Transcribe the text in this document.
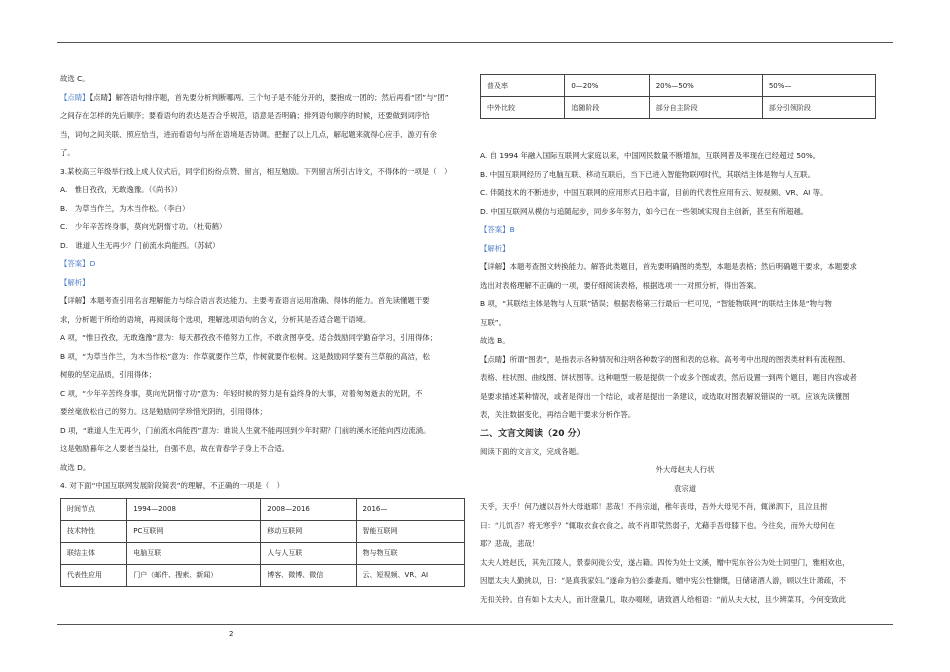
故选 C。

【点睛】【点睛】解答语句排序题，首先要分析判断哪两、三个句子是不能分开的，要抱成一团的；然后再看“团”与“团”

之间存在怎样的先后顺序；要看语句的表达是否合乎规范，语意是否明确；排列语句顺序的时候，还要做到词序恰

当，词句之间关联、照应恰当，进而看语句与所在语境是否协调。把握了以上几点，解起题来就得心应手、游刃有余

了。

3.某校高三年级举行线上成人仪式后，同学们纷纷点赞、留言，相互勉励。下列留言所引古诗文，不得体的一项是（　）

A.　惟日孜孜，无敢逸豫。（《尚书》）

B.　为草当作兰，为木当作松。（李白）

C.　少年辛苦终身事，莫向光阴惰寸功。（杜荀鹤）

D.　谁道人生无再少？门前流水尚能西。（苏轼）

【答案】D

【解析】

【详解】本题考查引用名言理解能力与综合语言表达能力。主要考查语言运用准确、得体的能力。首先读懂题干要

求，分析题干所给的语境，再阅读每个选项，理解选项语句的含义，分析其是否适合题干语境。

A 项，“惟日孜孜，无敢逸豫”意为：每天都孜孜不倦努力工作，不敢贪图享受。适合鼓励同学勤奋学习，引用得体；

B 项，“为草当作兰，为木当作松”意为：作草就要作兰草，作树就要作松树。这是鼓励同学要有兰草般的高洁，松

树般的坚定品质，引用得体；

C 项，“少年辛苦终身事，莫向光阴惰寸功”意为：年轻时候的努力是有益终身的大事，对着匆匆逝去的光阴，不

要丝毫放松自己的努力。这是勉励同学珍惜光阴的，引用得体；

D 项，“谁道人生无再少，门前流水尚能西”意为：谁说人生就不能再回到少年时期？门前的溪水还能向西边流淌。

这是勉励暮年之人要老当益壮，自强不息，故在青春学子身上不合适。

故选 D。

4. 对下面“中国互联网发展阶段简表”的理解，不正确的一项是（　）

时间节点	1994—2008	2008—2016	2016—
技术特性	PC互联网	移动互联网	智能互联网
联结主体	电脑互联	人与人互联	物与物互联
代表性应用	门户（邮件、搜索、新闻）	博客、微博、微信	云、短视频、VR、AI
普及率	0—20%	20%—50%	50%—
中外比较	追随阶段	部分自主阶段	部分引领阶段

A. 自 1994 年融入国际互联网大家庭以来，中国网民数量不断增加，互联网普及率现在已经超过 50%。

B. 中国互联网经历了电脑互联、移动互联后，当下已进入智能物联网时代，其联结主体是物与人互联。

C. 伴随技术的不断进步，中国互联网的应用形式日趋丰富，目前的代表性应用有云、短视频、VR、AI 等。

D. 中国互联网从模仿与追随起步，同步多年努力，如今已在一些领域实现自主创新，甚至有所超越。

【答案】B

【解析】

【详解】本题考查图文转换能力。解答此类题目，首先要明确图的类型，本题是表格；然后明确题干要求，本题要求

选出对表格理解不正确的一项，要仔细阅读表格，根据选项一一对照分析，得出答案。

B 项，“其联结主体是物与人互联”错误；根据表格第三行最后一栏可见，“智能物联网”的联结主体是“物与物

互联”。

故选 B。

【点睛】所谓“图表”，是指表示各种情况和注明各种数字的图和表的总称。高考考中出现的图表类材料有流程图、

表格、柱状图、曲线图、饼状图等。这种题型一般是提供一个或多个图或表，然后设置一到两个题目，题目内容或者

是要求描述某种情况，或者是得出一个结论，或者是提出一条建议，或选取对图表解说错误的一项。应该先读懂图

表，关注数据变化，再结合题干要求分析作答。

二、文言文阅读（20 分）

阅读下面的文言文，完成各题。

外大母赵夫人行状

袁宗道

天乎，天乎！何乃遽以吾外大母逝耶！悲哉！不肖宗道，稚年丧母，吾外大母见不肖，辄涕泗下，且泣且拊

曰：“儿饥否？将无寒乎？”辄取衣食衣食之。故不肖即茕然弱子，尤藉手吾母膝下也。今往矣，而外大母何在

耶？悲哉，悲哉！

太夫人姓赵氏，其先江陵人，景泰间徙公安，遂占籍。四传为处士文溪，赠中宪东谷公为处士同里门，雅相欢也，

因愿太夫人勤挑以，日：“是真我家妇。”遂命为伯公黍妻焉。赠中宪公性慷慨，日储诸酒人游，顾以生计萧疏，不

无扣关铃。自有如卜太夫人，而计澄量几，取办啜嗟，诸致酒人给相语：“前从夫大杖，且少辨菜耳，今何变致此

2
